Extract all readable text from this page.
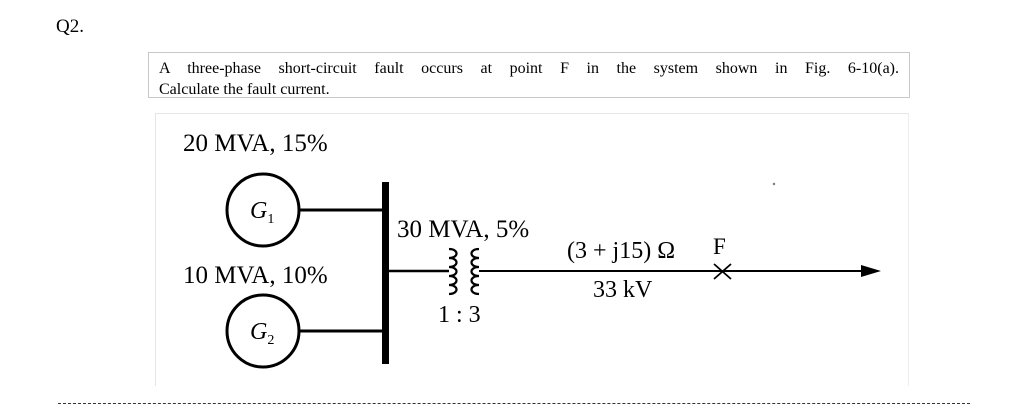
Q2.
A three-phase short-circuit fault occurs at point F in the system shown in Fig. 6-10(a).
Calculate the fault current.
20 MVA, 15%
$G_1$
10 MVA, 10%
$G_2$
30 MVA, 5%
1 : 3
(3 + j15) Ω
33 kV
F
